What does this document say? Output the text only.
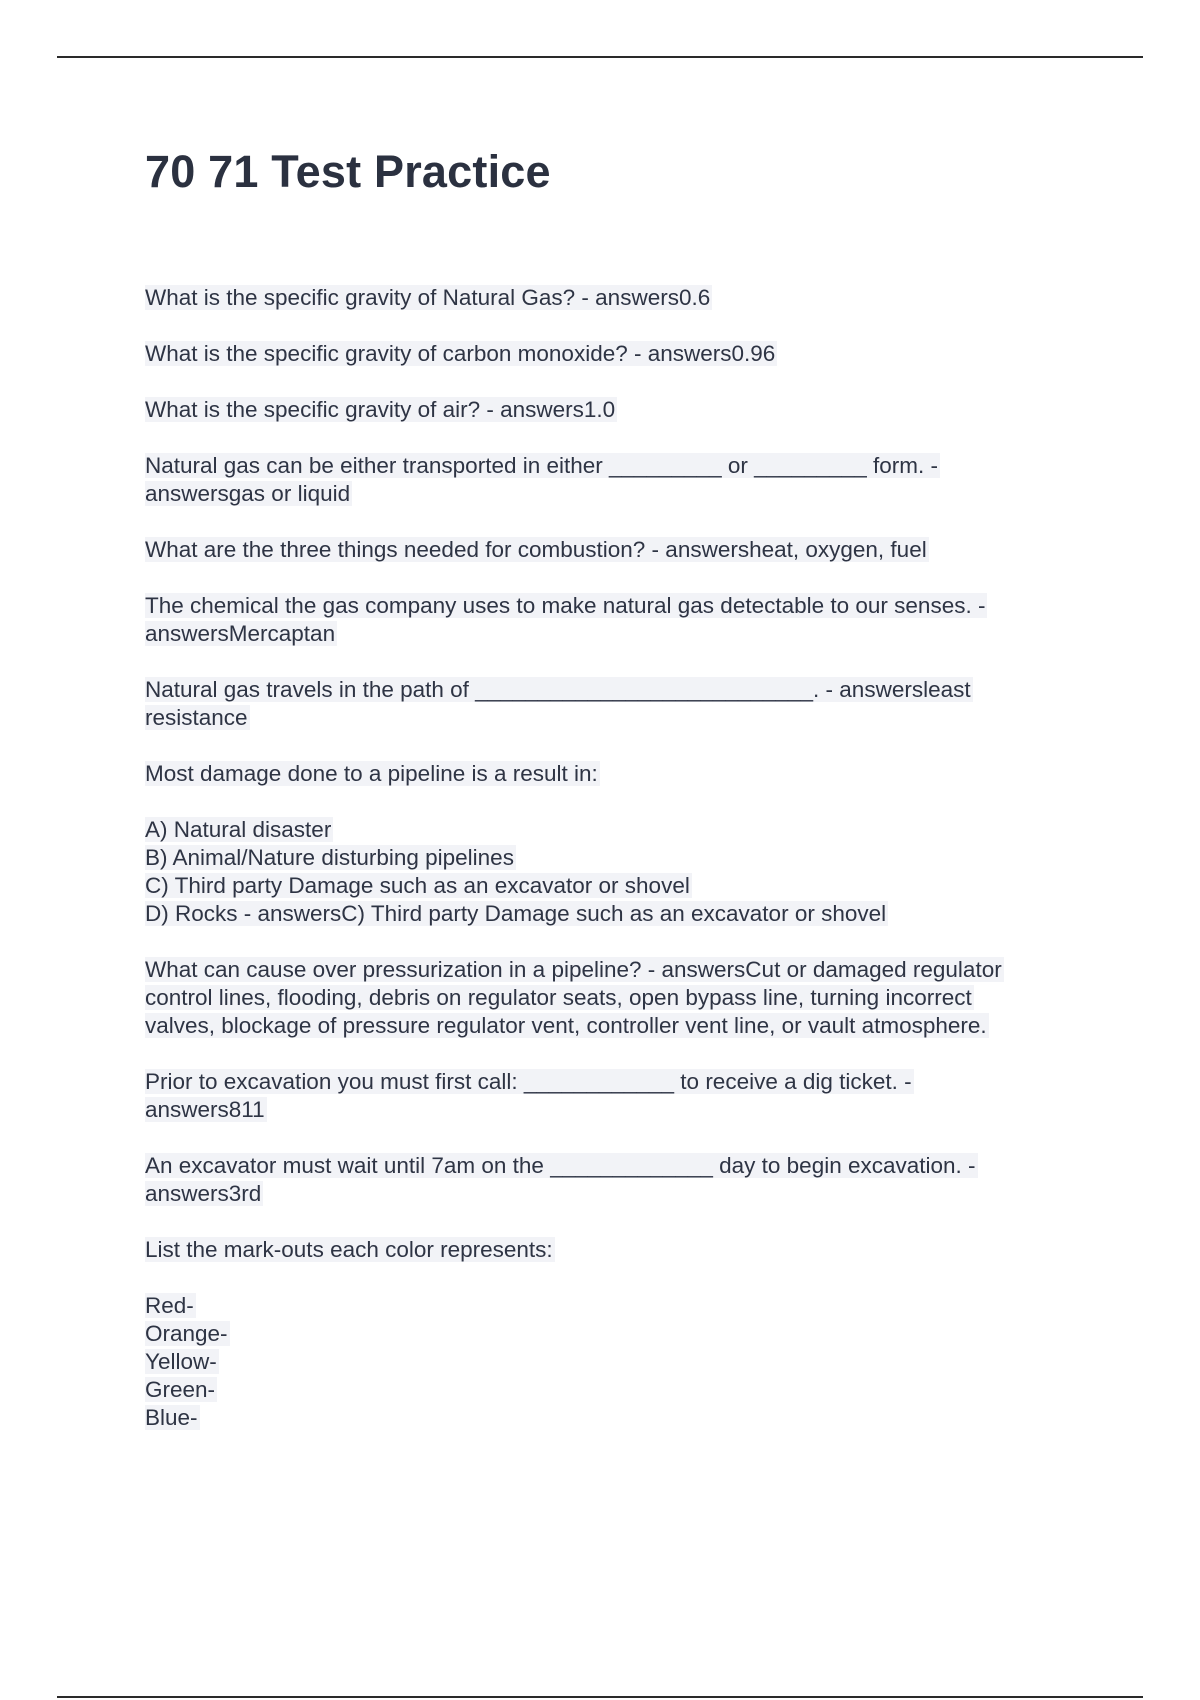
70 71 Test Practice
What is the specific gravity of Natural Gas? - answers0.6
What is the specific gravity of carbon monoxide? - answers0.96
What is the specific gravity of air? - answers1.0
Natural gas can be either transported in either _________ or _________ form. -
answersgas or liquid
What are the three things needed for combustion? - answersheat, oxygen, fuel
The chemical the gas company uses to make natural gas detectable to our senses. -
answersMercaptan
Natural gas travels in the path of ___________________________. - answersleast
resistance
Most damage done to a pipeline is a result in:
A) Natural disaster
B) Animal/Nature disturbing pipelines
C) Third party Damage such as an excavator or shovel
D) Rocks - answersC) Third party Damage such as an excavator or shovel
What can cause over pressurization in a pipeline? - answersCut or damaged regulator
control lines, flooding, debris on regulator seats, open bypass line, turning incorrect
valves, blockage of pressure regulator vent, controller vent line, or vault atmosphere.
Prior to excavation you must first call: ____________ to receive a dig ticket. -
answers811
An excavator must wait until 7am on the _____________ day to begin excavation. -
answers3rd
List the mark-outs each color represents:
Red-
Orange-
Yellow-
Green-
Blue-
